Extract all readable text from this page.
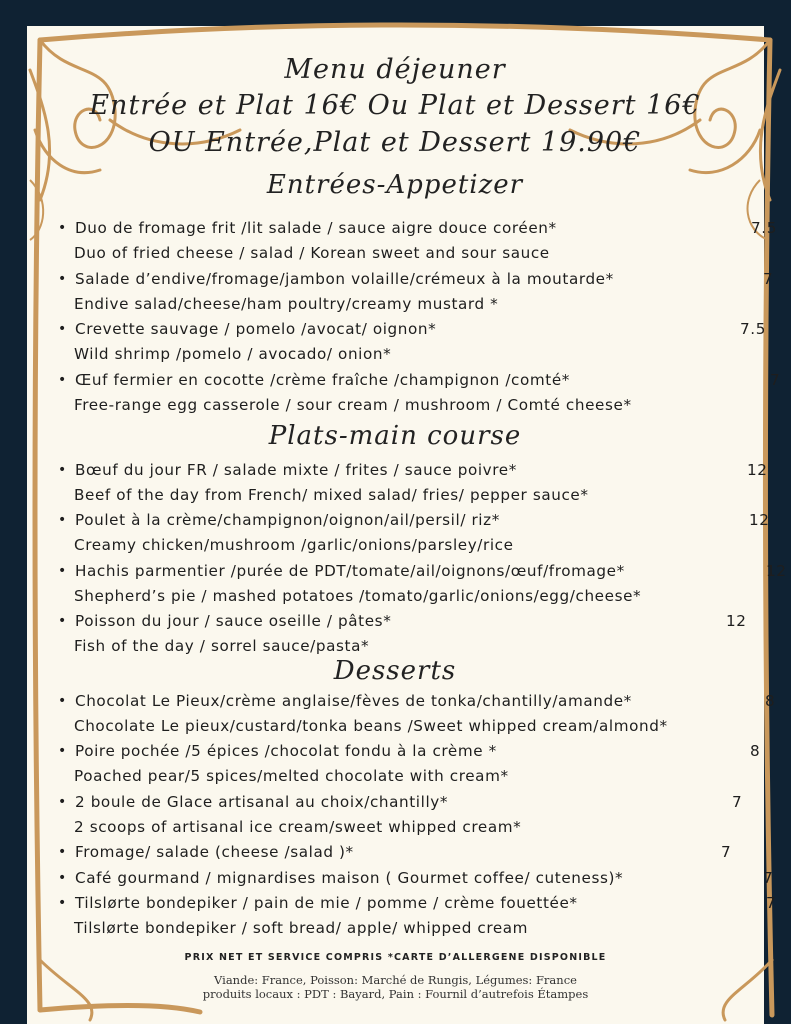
Menu déjeuner
Entrée et Plat 16€ Ou Plat et Dessert 16€
OU Entrée,Plat et Dessert 19.90€
Entrées-Appetizer
• Duo de fromage frit /lit salade / sauce aigre douce coréen*
Duo of fried cheese / salad / Korean sweet and sour sauce
7.5
• Salade d’endive/fromage/jambon volaille/crémeux à la moutarde*
Endive salad/cheese/ham poultry/creamy mustard *
7
• Crevette sauvage / pomelo /avocat/ oignon*
Wild shrimp /pomelo / avocado/ onion*
7.5
• Œuf fermier en cocotte /crème fraîche /champignon /comté*
Free-range egg casserole / sour cream / mushroom / Comté cheese*
7
Plats-main course
• Bœuf du jour FR / salade mixte / frites / sauce poivre*
Beef of the day from French/ mixed salad/ fries/ pepper sauce*
12
• Poulet à la crème/champignon/oignon/ail/persil/ riz*
Creamy chicken/mushroom /garlic/onions/parsley/rice
12
• Hachis parmentier /purée de PDT/tomate/ail/oignons/œuf/fromage*
Shepherd’s pie / mashed potatoes /tomato/garlic/onions/egg/cheese*
12
• Poisson du jour / sauce oseille / pâtes*
Fish of the day / sorrel sauce/pasta*
12
Desserts
• Chocolat Le Pieux/crème anglaise/fèves de tonka/chantilly/amande*
Chocolate Le pieux/custard/tonka beans /Sweet whipped cream/almond*
8
• Poire pochée /5 épices /chocolat fondu à la crème *
Poached pear/5 spices/melted chocolate with cream*
8
• 2 boule de Glace artisanal au choix/chantilly*
2 scoops of artisanal ice cream/sweet whipped cream*
7
• Fromage/ salade (cheese /salad )*	7
• Café gourmand / mignardises maison ( Gourmet coffee/ cuteness)*	7
• Tilslørte bondepiker / pain de mie / pomme / crème fouettée*
Tilslørte bondepiker / soft bread/ apple/ whipped cream
7
PRIX NET ET SERVICE COMPRIS *CARTE D’ALLERGENE DISPONIBLE
Viande: France, Poisson: Marché de Rungis, Légumes: France
produits locaux : PDT : Bayard, Pain : Fournil d’autrefois Étampes
